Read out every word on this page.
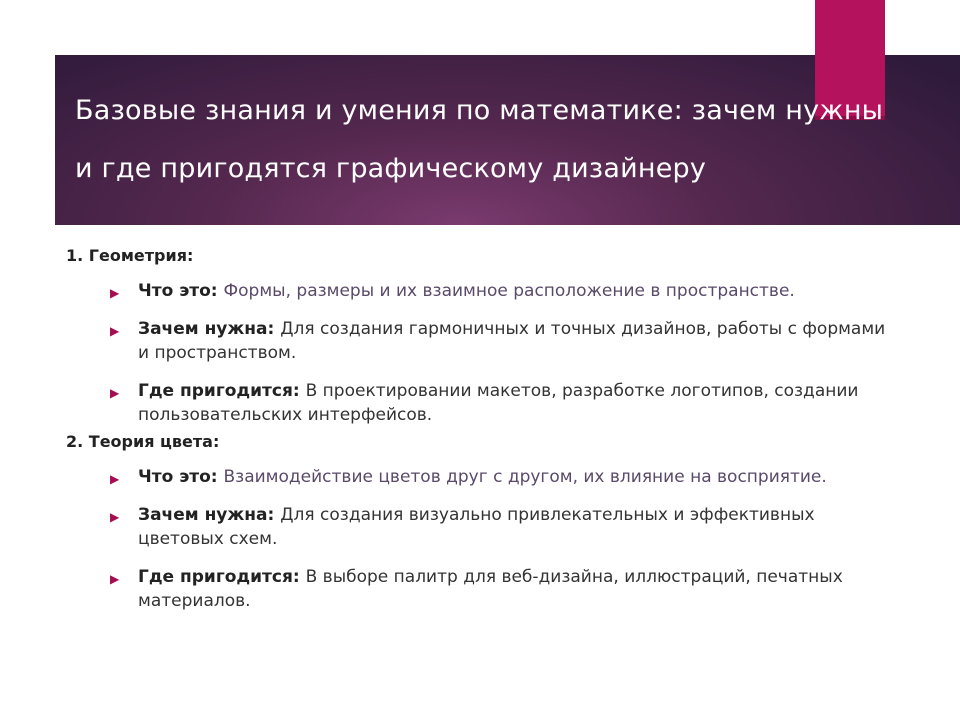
Базовые знания и умения по математике: зачем нужны и где пригодятся графическому дизайнеру
1. Геометрия:
▶ Что это: Формы, размеры и их взаимное расположение в пространстве.
▶ Зачем нужна: Для создания гармоничных и точных дизайнов, работы с формами и пространством.
▶ Где пригодится: В проектировании макетов, разработке логотипов, создании пользовательских интерфейсов.
2. Теория цвета:
▶ Что это: Взаимодействие цветов друг с другом, их влияние на восприятие.
▶ Зачем нужна: Для создания визуально привлекательных и эффективных цветовых схем.
▶ Где пригодится: В выборе палитр для веб-дизайна, иллюстраций, печатных материалов.
